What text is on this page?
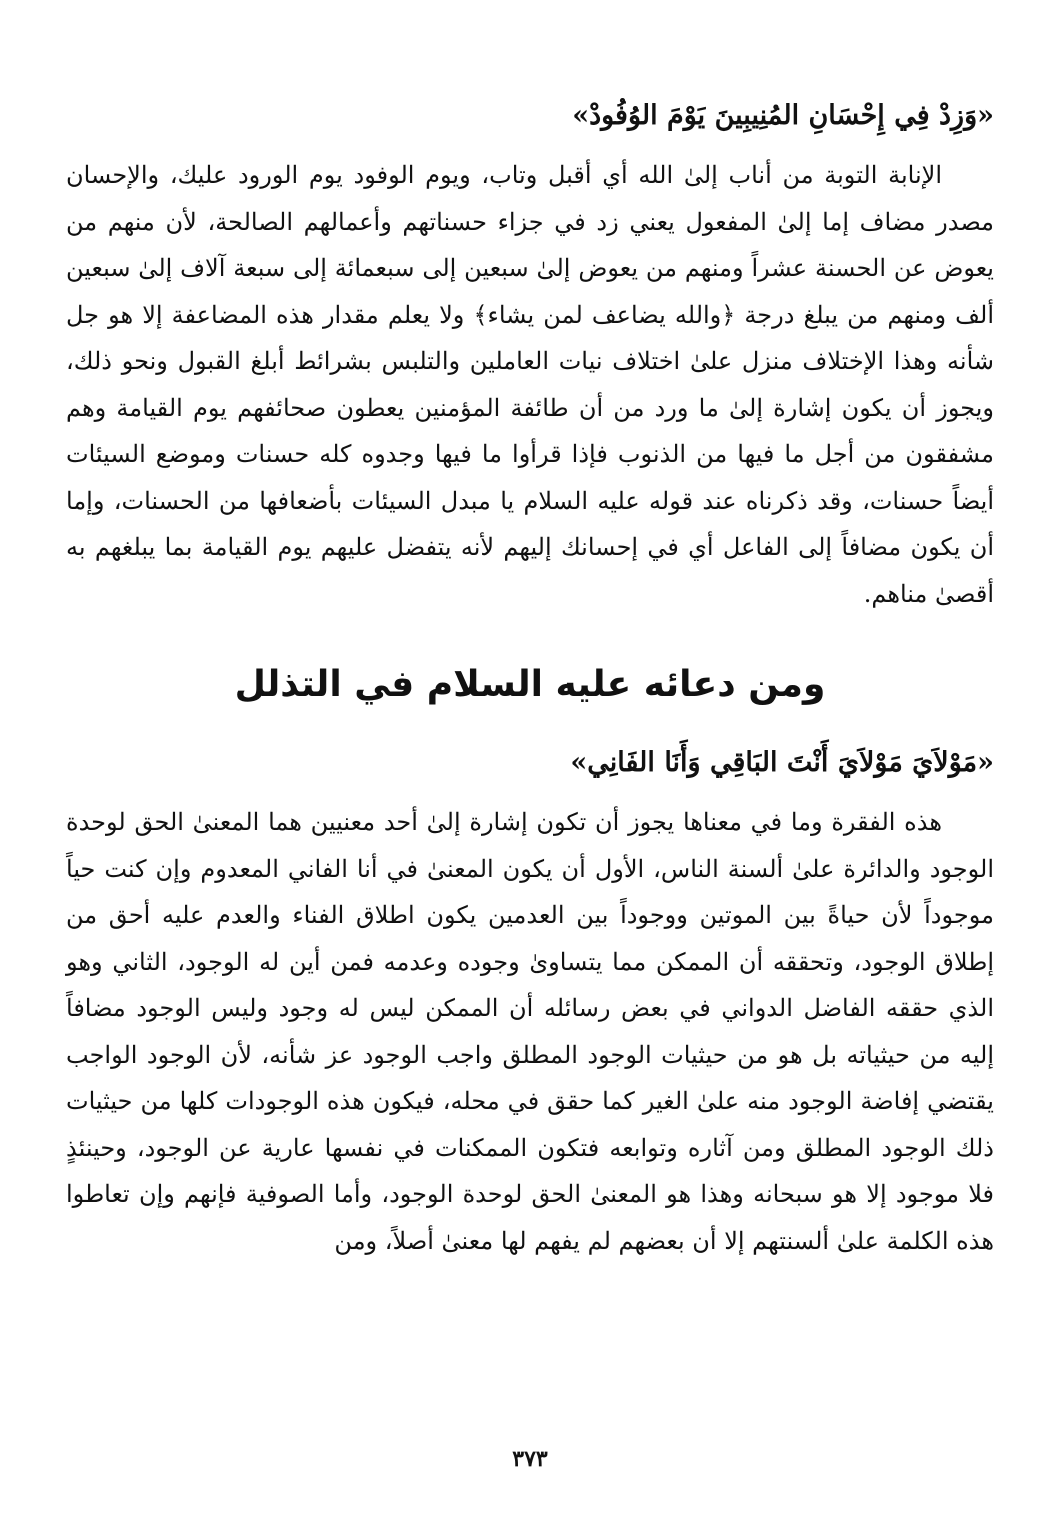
«وَزِدْ فِي إِحْسَانِ المُنِيبِينَ يَوْمَ الوُفُودْ»

الإنابة التوبة من أناب إلىٰ الله أي أقبل وتاب، ويوم الوفود يوم الورود عليك، والإحسان مصدر مضاف إما إلىٰ المفعول يعني زد في جزاء حسناتهم وأعمالهم الصالحة، لأن منهم من يعوض عن الحسنة عشراً ومنهم من يعوض إلىٰ سبعين إلى سبعمائة إلى سبعة آلاف إلىٰ سبعين ألف ومنهم من يبلغ درجة ﴿والله يضاعف لمن يشاء﴾ ولا يعلم مقدار هذه المضاعفة إلا هو جل شأنه وهذا الإختلاف منزل علىٰ اختلاف نيات العاملين والتلبس بشرائط أبلغ القبول ونحو ذلك، ويجوز أن يكون إشارة إلىٰ ما ورد من أن طائفة المؤمنين يعطون صحائفهم يوم القيامة وهم مشفقون من أجل ما فيها من الذنوب فإذا قرأوا ما فيها وجدوه كله حسنات وموضع السيئات أيضاً حسنات، وقد ذكرناه عند قوله عليه السلام يا مبدل السيئات بأضعافها من الحسنات، وإما أن يكون مضافاً إلى الفاعل أي في إحسانك إليهم لأنه يتفضل عليهم يوم القيامة بما يبلغهم به أقصىٰ مناهم.

ومن دعائه عليه السلام في التذلل
«مَوْلاَيَ مَوْلاَيَ أَنْتَ البَاقِي وَأَنَا الفَانِي»

هذه الفقرة وما في معناها يجوز أن تكون إشارة إلىٰ أحد معنيين هما المعنىٰ الحق لوحدة الوجود والدائرة علىٰ ألسنة الناس، الأول أن يكون المعنىٰ في أنا الفاني المعدوم وإن كنت حياً موجوداً لأن حياةً بين الموتين ووجوداً بين العدمين يكون اطلاق الفناء والعدم عليه أحق من إطلاق الوجود، وتحققه أن الممكن مما يتساوىٰ وجوده وعدمه فمن أين له الوجود، الثاني وهو الذي حققه الفاضل الدواني في بعض رسائله أن الممكن ليس له وجود وليس الوجود مضافاً إليه من حيثياته بل هو من حيثيات الوجود المطلق واجب الوجود عز شأنه، لأن الوجود الواجب يقتضي إفاضة الوجود منه علىٰ الغير كما حقق في محله، فيكون هذه الوجودات كلها من حيثيات ذلك الوجود المطلق ومن آثاره وتوابعه فتكون الممكنات في نفسها عارية عن الوجود، وحينئذٍ فلا موجود إلا هو سبحانه وهذا هو المعنىٰ الحق لوحدة الوجود، وأما الصوفية فإنهم وإن تعاطوا هذه الكلمة علىٰ ألسنتهم إلا أن بعضهم لم يفهم لها معنىٰ أصلاً، ومن

٣٧٣
